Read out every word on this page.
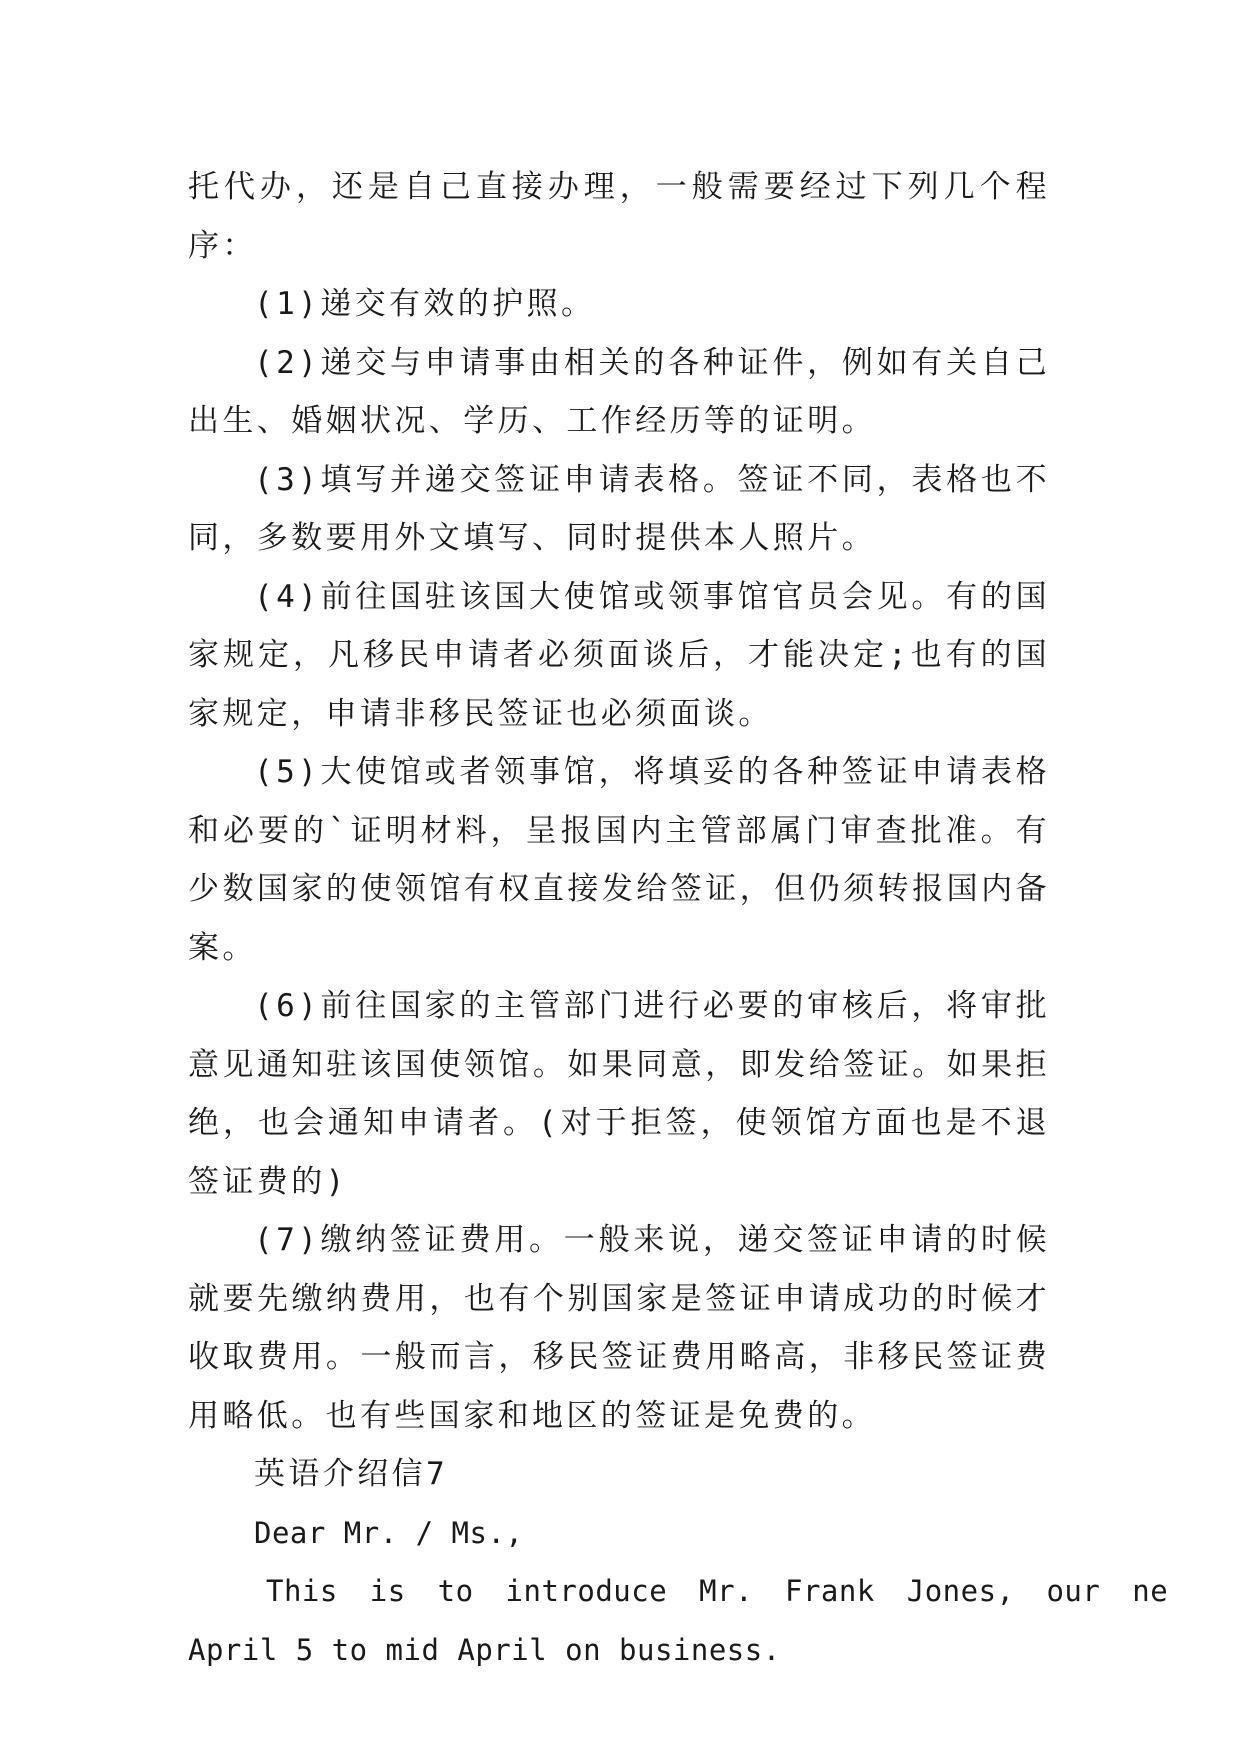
托代办，还是自己直接办理，一般需要经过下列几个程序：

(1)递交有效的护照。

(2)递交与申请事由相关的各种证件，例如有关自己出生、婚姻状况、学历、工作经历等的证明。

(3)填写并递交签证申请表格。签证不同，表格也不同，多数要用外文填写、同时提供本人照片。

(4)前往国驻该国大使馆或领事馆官员会见。有的国家规定，凡移民申请者必须面谈后，才能决定;也有的国家规定，申请非移民签证也必须面谈。

(5)大使馆或者领事馆，将填妥的各种签证申请表格和必要的`证明材料，呈报国内主管部属门审查批准。有少数国家的使领馆有权直接发给签证，但仍须转报国内备案。

(6)前往国家的主管部门进行必要的审核后，将审批意见通知驻该国使领馆。如果同意，即发给签证。如果拒绝，也会通知申请者。(对于拒签，使领馆方面也是不退签证费的)

(7)缴纳签证费用。一般来说，递交签证申请的时候就要先缴纳费用，也有个别国家是签证申请成功的时候才收取费用。一般而言，移民签证费用略高，非移民签证费用略低。也有些国家和地区的签证是免费的。

英语介绍信7

Dear Mr. / Ms.,

This is to introduce Mr. Frank Jones, our ne
April 5 to mid April on business.
